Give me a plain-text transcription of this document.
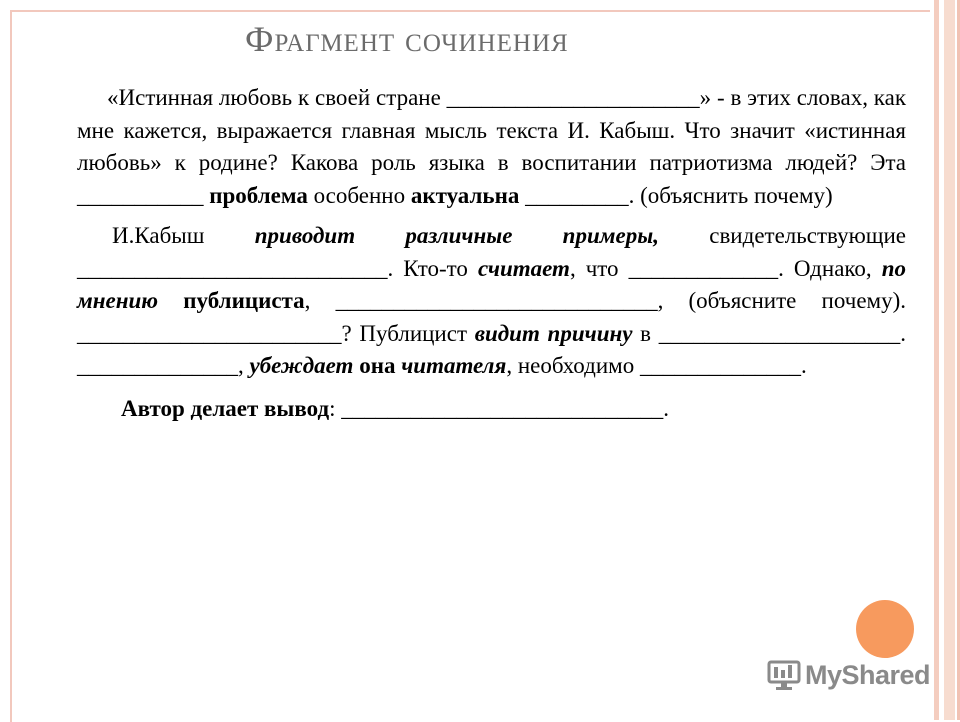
Фрагмент сочинения

«Истинная любовь к своей стране ______________________» - в этих словах, как мне кажется, выражается главная мысль текста И. Кабыш. Что значит «истинная любовь» к родине? Какова роль языка в воспитании патриотизма людей? Эта ___________ проблема особенно актуальна _________. (объяснить почему)

И.Кабыш приводит различные примеры, свидетельствующие ___________________________. Кто-то считает, что _____________. Однако, по мнению публициста, ____________________________, (объясните почему). _______________________? Публицист видит причину в _____________________. ______________, убеждает она читателя, необходимо ______________.

Автор делает вывод: ____________________________.

MyShared
